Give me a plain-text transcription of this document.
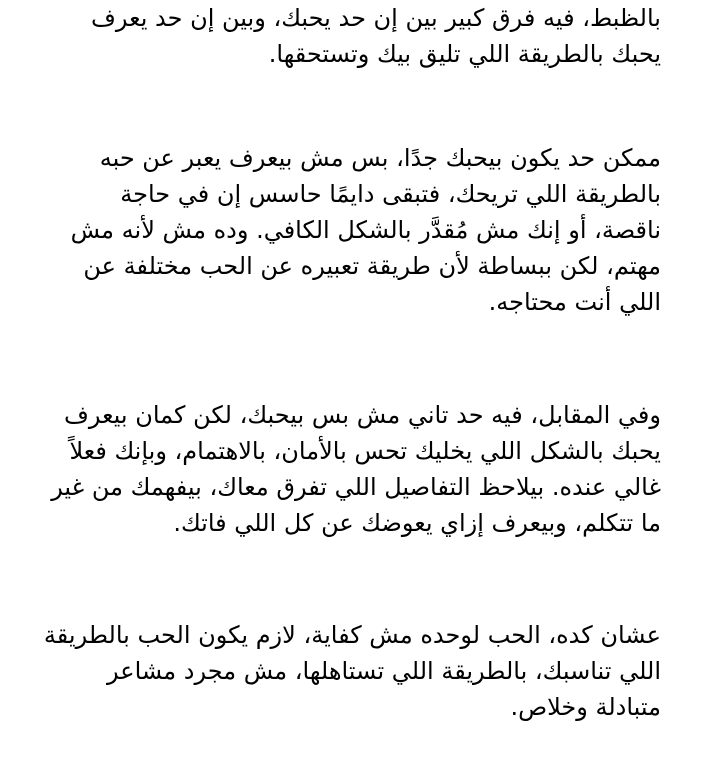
بالظبط، فيه فرق كبير بين إن حد يحبك، وبين إن حد يعرف
يحبك بالطريقة اللي تليق بيك وتستحقها.
ممكن حد يكون بيحبك جدًا، بس مش بيعرف يعبر عن حبه
بالطريقة اللي تريحك، فتبقى دايمًا حاسس إن في حاجة
ناقصة، أو إنك مش مُقدَّر بالشكل الكافي. وده مش لأنه مش
مهتم، لكن ببساطة لأن طريقة تعبيره عن الحب مختلفة عن
اللي أنت محتاجه.
وفي المقابل، فيه حد تاني مش بس بيحبك، لكن كمان بيعرف
يحبك بالشكل اللي يخليك تحس بالأمان، بالاهتمام، وبإنك فعلاً
غالي عنده. بيلاحظ التفاصيل اللي تفرق معاك، بيفهمك من غير
ما تتكلم، وبيعرف إزاي يعوضك عن كل اللي فاتك.
عشان كده، الحب لوحده مش كفاية، لازم يكون الحب بالطريقة
اللي تناسبك، بالطريقة اللي تستاهلها، مش مجرد مشاعر
متبادلة وخلاص.
